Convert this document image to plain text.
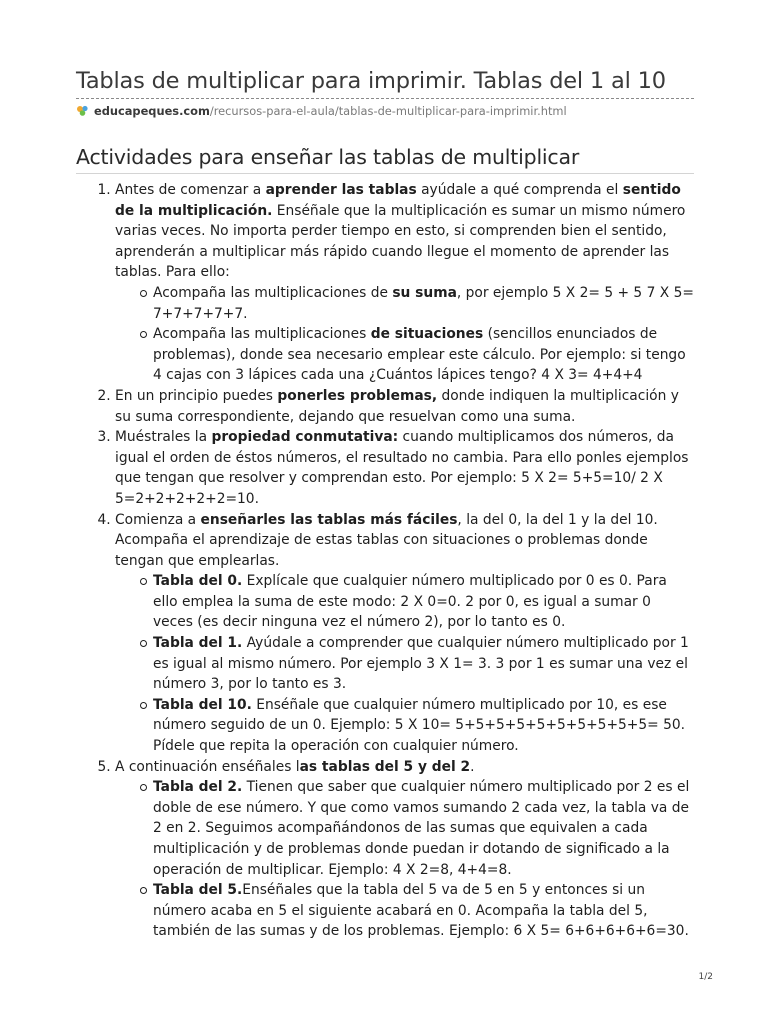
Tablas de multiplicar para imprimir. Tablas del 1 al 10
educapeques.com /recursos-para-el-aula/tablas-de-multiplicar-para-imprimir.html
Actividades para enseñar las tablas de multiplicar
1. Antes de comenzar a aprender las tablas ayúdale a qué comprenda el sentido de la multiplicación. Enséñale que la multiplicación es sumar un mismo número varias veces. No importa perder tiempo en esto, si comprenden bien el sentido, aprenderán a multiplicar más rápido cuando llegue el momento de aprender las tablas. Para ello:
Acompaña las multiplicaciones de su suma, por ejemplo 5 X 2= 5 + 5 7 X 5= 7+7+7+7+7.
Acompaña las multiplicaciones de situaciones (sencillos enunciados de problemas), donde sea necesario emplear este cálculo. Por ejemplo: si tengo 4 cajas con 3 lápices cada una ¿Cuántos lápices tengo? 4 X 3= 4+4+4
2. En un principio puedes ponerles problemas, donde indiquen la multiplicación y su suma correspondiente, dejando que resuelvan como una suma.
3. Muéstrales la propiedad conmutativa: cuando multiplicamos dos números, da igual el orden de éstos números, el resultado no cambia. Para ello ponles ejemplos que tengan que resolver y comprendan esto. Por ejemplo: 5 X 2= 5+5=10/ 2 X 5=2+2+2+2+2=10.
4. Comienza a enseñarles las tablas más fáciles, la del 0, la del 1 y la del 10. Acompaña el aprendizaje de estas tablas con situaciones o problemas donde tengan que emplearlas.
Tabla del 0. Explícale que cualquier número multiplicado por 0 es 0. Para ello emplea la suma de este modo: 2 X 0=0. 2 por 0, es igual a sumar 0 veces (es decir ninguna vez el número 2), por lo tanto es 0.
Tabla del 1. Ayúdale a comprender que cualquier número multiplicado por 1 es igual al mismo número. Por ejemplo 3 X 1= 3. 3 por 1 es sumar una vez el número 3, por lo tanto es 3.
Tabla del 10. Enséñale que cualquier número multiplicado por 10, es ese número seguido de un 0. Ejemplo: 5 X 10= 5+5+5+5+5+5+5+5+5+5= 50. Pídele que repita la operación con cualquier número.
5. A continuación enséñales las tablas del 5 y del 2.
Tabla del 2. Tienen que saber que cualquier número multiplicado por 2 es el doble de ese número. Y que como vamos sumando 2 cada vez, la tabla va de 2 en 2. Seguimos acompañándonos de las sumas que equivalen a cada multiplicación y de problemas donde puedan ir dotando de significado a la operación de multiplicar. Ejemplo: 4 X 2=8, 4+4=8.
Tabla del 5.Enséñales que la tabla del 5 va de 5 en 5 y entonces si un número acaba en 5 el siguiente acabará en 0. Acompaña la tabla del 5, también de las sumas y de los problemas. Ejemplo: 6 X 5= 6+6+6+6+6=30.
1/2
